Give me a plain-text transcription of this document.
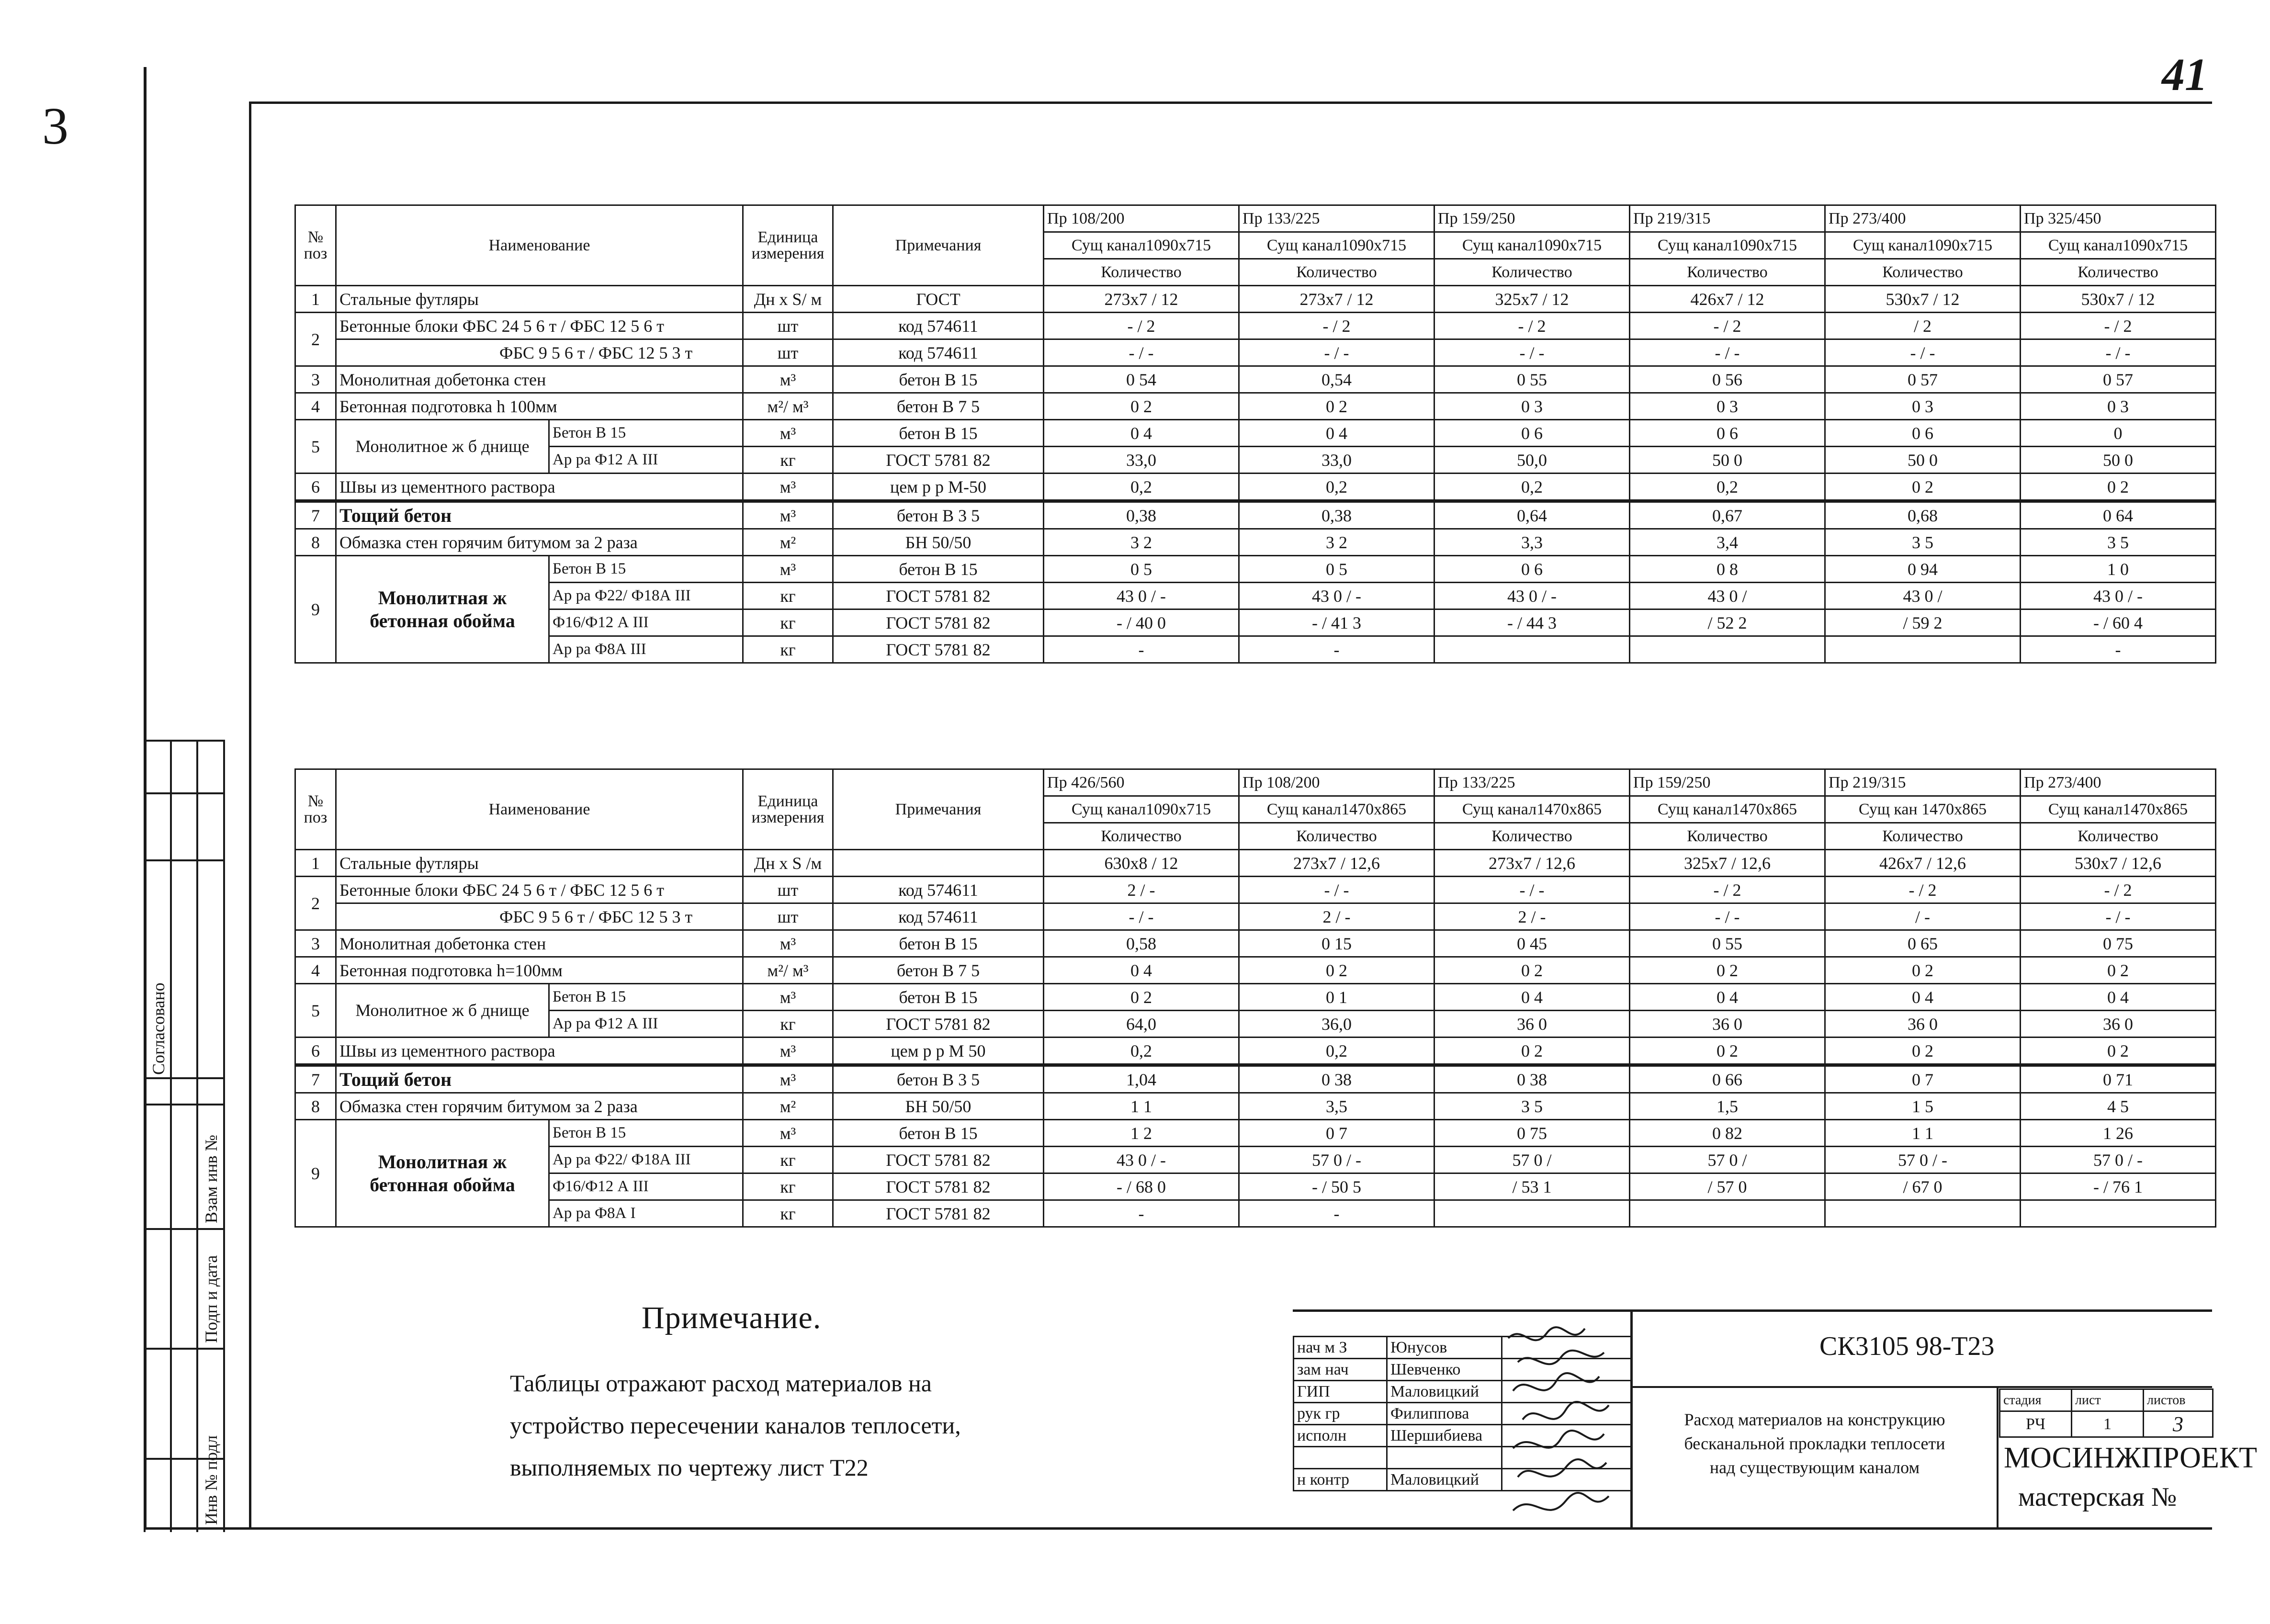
41
3
Согласовано
Взам инв №
Подп и дата
Инв № подл
№ поз	Наименование		Единица измерения	Примечания	Пр 108/200	Пр 133/225	Пр 159/250	Пр 219/315	Пр 273/400	Пр 325/450
					Сущ канал1090х715	Сущ канал1090х715	Сущ канал1090х715	Сущ канал1090х715	Сущ канал1090х715	Сущ канал1090х715
					Количество	Количество	Количество	Количество	Количество	Количество
1	Стальные футляры		Дн х S/ м	ГОСТ	273х7 / 12	273х7 / 12	325х7 / 12	426х7 / 12	530х7 / 12	530х7 / 12
2	Бетонные блоки ФБС 24 5 6 т / ФБС 12 5 6 т		шт	код 574611	- / 2	- / 2	- / 2	- / 2	/ 2	- / 2
	ФБС 9 5 6 т / ФБС 12 5 3 т		шт	код 574611	- / -	- / -	- / -	- / -	- / -	- / -
3	Монолитная добетонка стен		м³	бетон В 15	0 54	0,54	0 55	0 56	0 57	0 57
4	Бетонная подготовка h 100мм		м²/ м³	бетон В 7 5	0 2	0 2	0 3	0 3	0 3	0 3
5	Монолитное ж б днище	Бетон В 15	м³	бетон В 15	0 4	0 4	0 6	0 6	0 6	0
		Ар ра Ф12 А III	кг	ГОСТ 5781 82	33,0	33,0	50,0	50 0	50 0	50 0
6	Швы из цементного раствора		м³	цем р р М-50	0,2	0,2	0,2	0,2	0 2	0 2
7	Тощий бетон		м³	бетон В 3 5	0,38	0,38	0,64	0,67	0,68	0 64
8	Обмазка стен горячим битумом за 2 раза		м²	БН 50/50	3 2	3 2	3,3	3,4	3 5	3 5
9	Монолитная ж бетонная обойма	Бетон В 15	м³	бетон В 15	0 5	0 5	0 6	0 8	0 94	1 0
		Ар ра Ф22/ Ф18А III	кг	ГОСТ 5781 82	43 0 / -	43 0 / -	43 0 / -	43 0 /	43 0 /	43 0 / -
		Ф16/Ф12 А III	кг	ГОСТ 5781 82	- / 40 0	- / 41 3	- / 44 3	/ 52 2	/ 59 2	- / 60 4
		Ар ра Ф8А III	кг	ГОСТ 5781 82	-	-				-
№ поз	Наименование		Единица измерения	Примечания	Пр 426/560	Пр 108/200	Пр 133/225	Пр 159/250	Пр 219/315	Пр 273/400
					Сущ канал1090х715	Сущ канал1470х865	Сущ канал1470х865	Сущ канал1470х865	Сущ кан 1470х865	Сущ канал1470х865
					Количество	Количество	Количество	Количество	Количество	Количество
1	Стальные футляры		Дн х S /м		630х8 / 12	273х7 / 12,6	273х7 / 12,6	325х7 / 12,6	426х7 / 12,6	530х7 / 12,6
2	Бетонные блоки ФБС 24 5 6 т / ФБС 12 5 6 т		шт	код 574611	2 / -	- / -	- / -	- / 2	- / 2	- / 2
	ФБС 9 5 6 т / ФБС 12 5 3 т		шт	код 574611	- / -	2 / -	2 / -	- / -	/ -	- / -
3	Монолитная добетонка стен		м³	бетон В 15	0,58	0 15	0 45	0 55	0 65	0 75
4	Бетонная подготовка h=100мм		м²/ м³	бетон В 7 5	0 4	0 2	0 2	0 2	0 2	0 2
5	Монолитное ж б днище	Бетон В 15	м³	бетон В 15	0 2	0 1	0 4	0 4	0 4	0 4
		Ар ра Ф12 А III	кг	ГОСТ 5781 82	64,0	36,0	36 0	36 0	36 0	36 0
6	Швы из цементного раствора		м³	цем р р М 50	0,2	0,2	0 2	0 2	0 2	0 2
7	Тощий бетон		м³	бетон В 3 5	1,04	0 38	0 38	0 66	0 7	0 71
8	Обмазка стен горячим битумом за 2 раза		м²	БН 50/50	1 1	3,5	3 5	1,5	1 5	4 5
9	Монолитная ж бетонная обойма	Бетон В 15	м³	бетон В 15	1 2	0 7	0 75	0 82	1 1	1 26
		Ар ра Ф22/ Ф18А III	кг	ГОСТ 5781 82	43 0 / -	57 0 / -	57 0 /	57 0 /	57 0 / -	57 0 / -
		Ф16/Ф12 А III	кг	ГОСТ 5781 82	- / 68 0	- / 50 5	/ 53 1	/ 57 0	/ 67 0	- / 76 1
		Ар ра Ф8А I	кг	ГОСТ 5781 82	-	-				
Примечание.
Таблицы отражают расход материалов на
устройство пересечении каналов теплосети,
выполняемых по чертежу лист Т22
нач м З	Юнусов	
зам нач	Шевченко	
ГИП	Маловицкий	
рук гр	Филиппова	
исполн	Шершибиева	

н контр	Маловицкий	
СК3105 98-Т23
Расход материалов на конструкцию
бесканальной прокладки теплосети
над существующим каналом
стадия	лист	листов
РЧ	1	3
МОСИНЖПРОЕКТ
мастерская №
